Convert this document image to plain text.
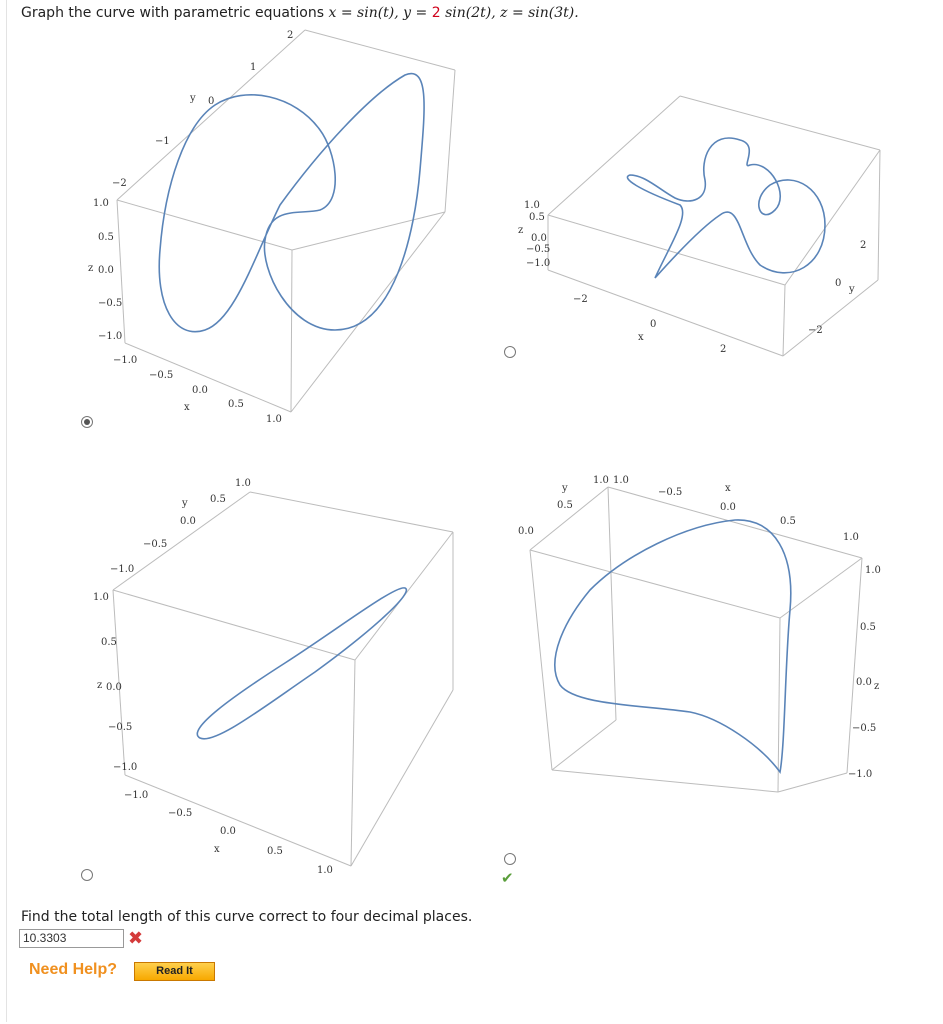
Graph the curve with parametric equations x = sin(t), y = 2 sin(2t), z = sin(3t).
1.0
0.5
0.0
−0.5
−1.0
z
−1.0
−0.5
0.0
0.5
1.0
x
−2
−1
0
1
2
y
1.0
0.5
0.0
−0.5
−1.0
z
−2
0
2
x
2
0
−2
y
1.0
0.5
0.0
−0.5
−1.0
z
−1.0
−0.5
0.0
0.5
1.0
x
−1.0
−0.5
0.0
0.5
1.0
y
1.0
0.5
0.0
−0.5
−1.0
z
1.0
−0.5
0.0
0.5
1.0
x
1.0
0.5
0.0
y
✔
Find the total length of this curve correct to four decimal places.
10.3303	✖
Need Help?	Read It
